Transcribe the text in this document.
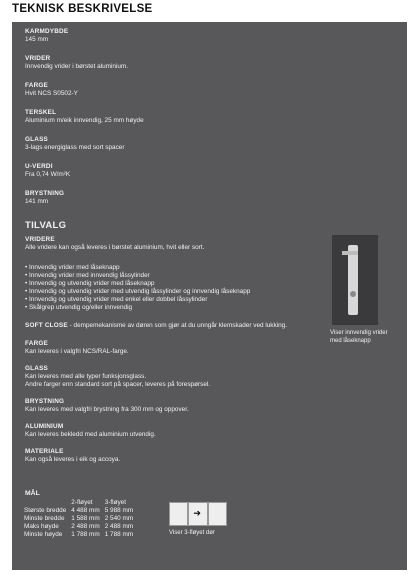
TEKNISK BESKRIVELSE
KARMDYBDE
145 mm
VRIDER
Innvendig vrider i børstet aluminium.
FARGE
Hvit NCS S0502-Y
TERSKEL
Aluminium m/eik innvendig, 25 mm høyde
GLASS
3-lags energiglass med sort spacer
U-VERDI
Fra 0,74 W/m²K
BRYSTNING
141 mm
TILVALG
VRIDERE

Alle vridere kan også leveres i børstet aluminium, hvit eller sort.

• Innvendig vrider med låseknapp
• Innvendig vrider med innvendig låssylinder
• Innvendig og utvendig vrider med låseknapp
• Innvendig og utvendig vrider med utvendig låssylinder og innvendig låseknapp
• Innvendig og utvendig vrider med enkel eller dobbel låssylinder
• Skålgrep utvendig og/eller innvendig

SOFT CLOSE - dempemekanisme av døren som gjør at du unngår klemskader ved lukking.

FARGE

Kan leveres i valgfri NCS/RAL-farge.

GLASS

Kan leveres med alle typer funksjonsglass.

Andre farger enn standard sort på spacer, leveres på forespørsel.

BRYSTNING

Kan leveres med valgfri brystning fra 300 mm og oppover.

ALUMINIUM

Kan leveres bekledd med aluminium utvendig.

MATERIALE

Kan også leveres i eik og accoya.

Viser innvendig vrider med låseknapp
MÅL
	2-fløyet	3-fløyet
Største bredde	4 488 mm	5 988 mm
Minste bredde	1 588 mm	2 540 mm
Maks høyde	2 488 mm	2 488 mm
Minste høyde	1 788 mm	1 788 mm
➔
Viser 3-fløyet dør
